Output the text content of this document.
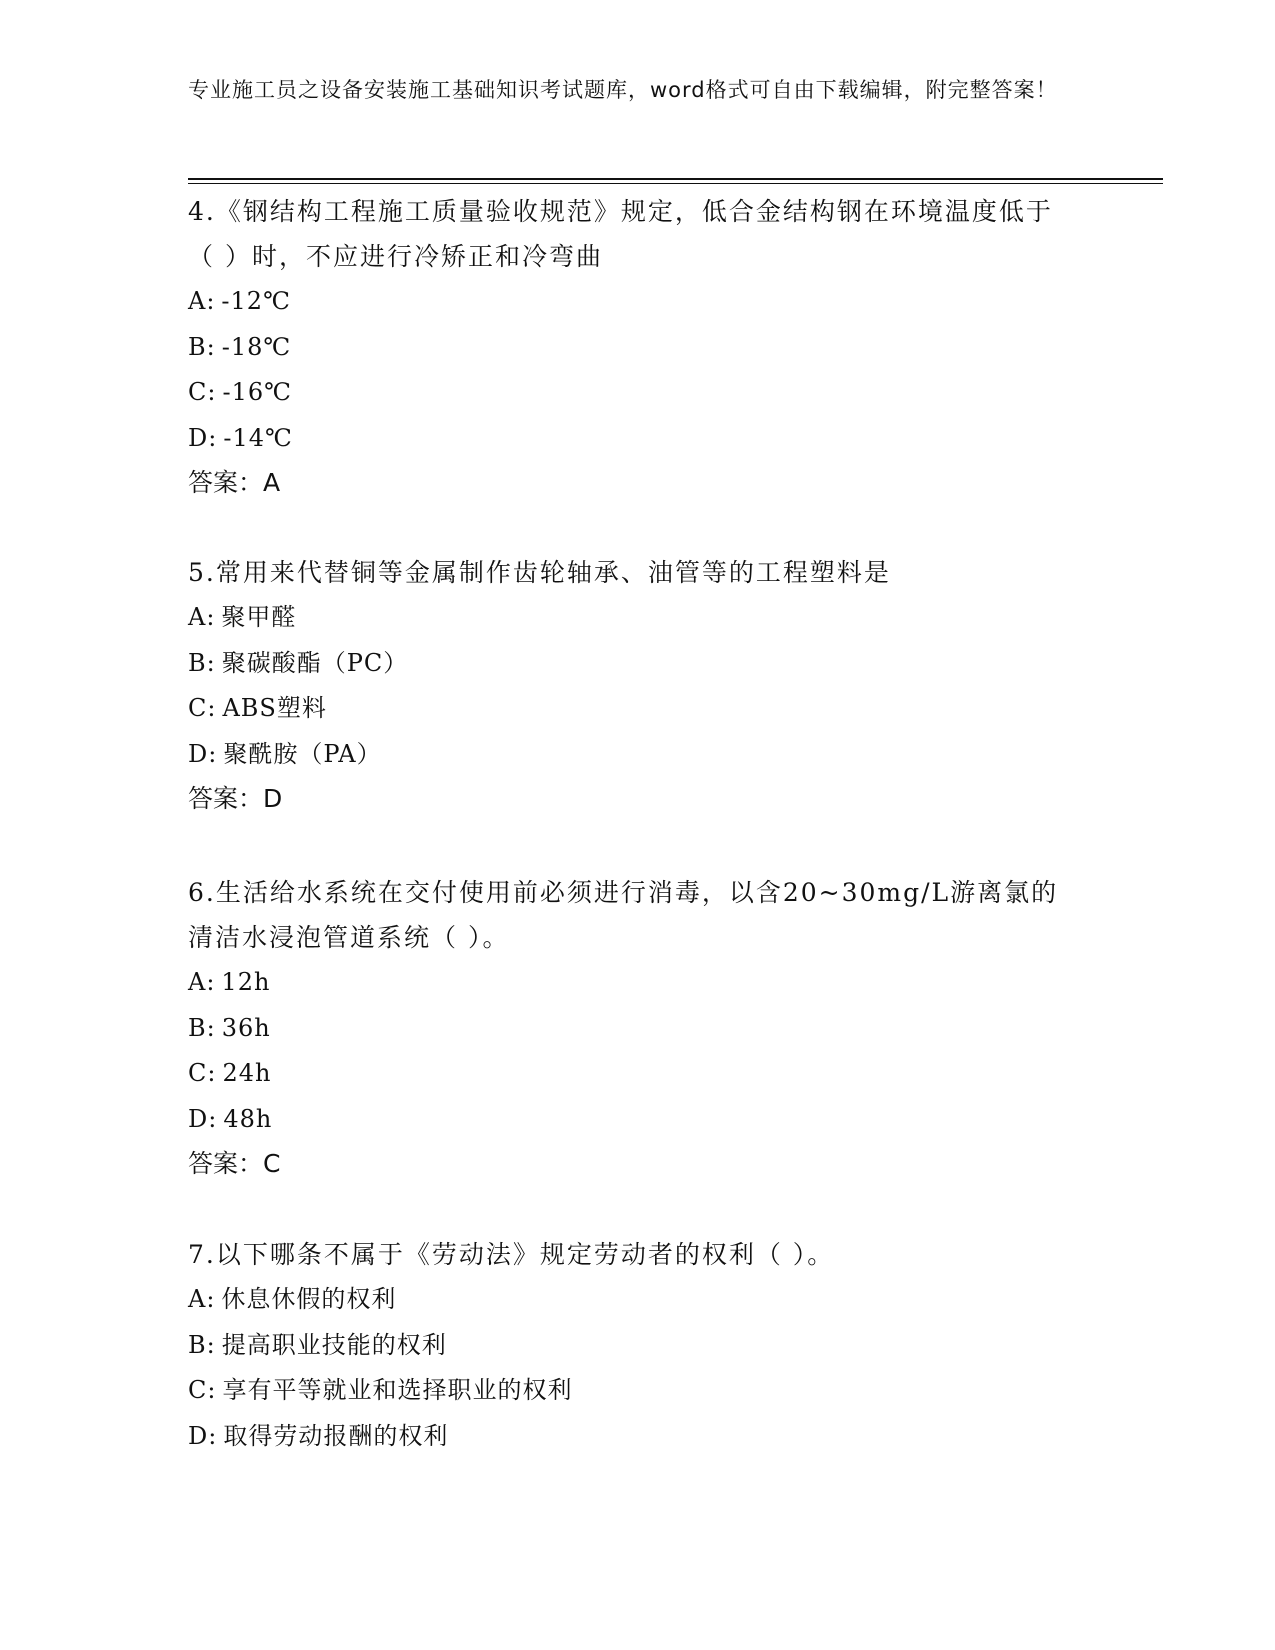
专业施工员之设备安装施工基础知识考试题库，word格式可自由下载编辑，附完整答案！

4.《钢结构工程施工质量验收规范》规定，低合金结构钢在环境温度低于（ ）时，不应进行冷矫正和冷弯曲

A: -12℃

B: -18℃

C: -16℃

D: -14℃

答案：A

5.常用来代替铜等金属制作齿轮轴承、油管等的工程塑料是

A: 聚甲醛

B: 聚碳酸酯（PC）

C: ABS塑料

D: 聚酰胺（PA）

答案：D

6.生活给水系统在交付使用前必须进行消毒，以含20~30mg/L游离氯的清洁水浸泡管道系统（ ）。

A: 12h

B: 36h

C: 24h

D: 48h

答案：C

7.以下哪条不属于《劳动法》规定劳动者的权利（ ）。

A: 休息休假的权利

B: 提高职业技能的权利

C: 享有平等就业和选择职业的权利

D: 取得劳动报酬的权利
